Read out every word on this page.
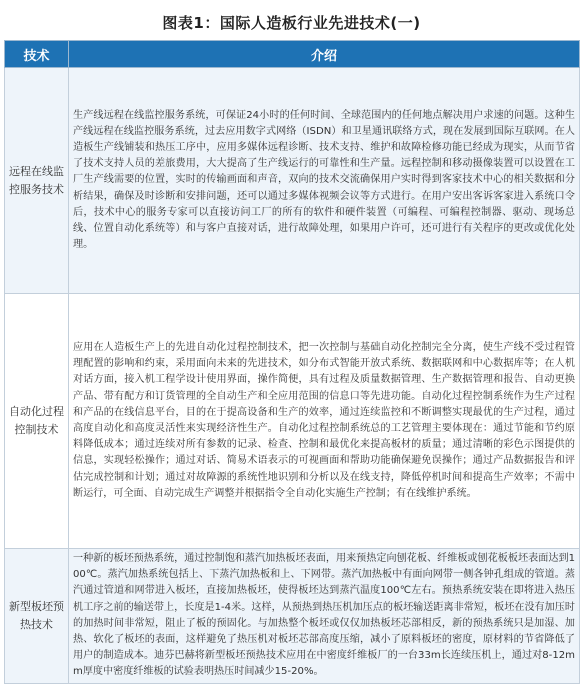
图表1：国际人造板行业先进技术(一)
技术	介绍
远程在线监控服务技术	生产线远程在线监控服务系统，可保证24小时的任何时间、全球范围内的任何地点解决用户求速的问题。这种生产线远程在线监控服务系统，过去应用数字式网络（ISDN）和卫星通讯联络方式，现在发展到国际互联网。在人造板生产线铺装和热压工序中，应用多媒体远程诊断、技术支持、维护和故障检修功能已经成为现实，从而节省了技术支持人员的差旅费用，大大提高了生产线运行的可靠性和生产量。远程控制和移动摄像装置可以设置在工厂生产线需要的位置，实时的传输画面和声音，双向的技术交流确保用户实时得到客家技术中心的相关数据和分析结果，确保及时诊断和安排问题，还可以通过多媒体视频会议等方式进行。在用户安出客诉客家进入系统口令后，技术中心的服务专家可以直接访问工厂的所有的软件和硬件装置（可编程、可编程控制器、驱动、现场总线、位置自动化系统等）和与客户直接对话，进行故障处理，如果用户许可，还可进行有关程序的更改或优化处理。
自动化过程控制技术	应用在人造板生产上的先进自动化过程控制技术，把一次控制与基础自动化控制完全分离，使生产线不受过程管理配置的影响和约束，采用面向未来的先进技术，如分布式智能开放式系统、数据联网和中心数据库等；在人机对话方面，接入机工程学设计使用界面，操作简便，具有过程及质量数据管理、生产数据管理和报告、自动更换产品、带有配方和订货管理的全自动生产和全应用范围的信息口等先进功能。自动化过程控制系统作为生产过程和产品的在线信息平台，目的在于提高设备和生产的效率，通过连续监控和不断调整实现最优的生产过程，通过高度自动化和高度灵活性来实现经济性生产。自动化过程控制系统总的工艺管理主要体现在：通过节能和节约原料降低成本；通过连续对所有参数的记录、检查、控制和最优化来提高板材的质量；通过清晰的彩色示图提供的信息，实现轻松操作；通过对话、简易术语表示的可视画面和帮助功能确保避免误操作；通过产品数据报告和评估完成控制和计划；通过对故障源的系统性地识别和分析以及在线支持，降低停机时间和提高生产效率；不需中断运行，可全面、自动完成生产调整并根据指令全自动化实施生产控制；有在线维护系统。
新型板坯预热技术	一种新的板坯预热系统，通过控制饱和蒸汽加热板坯表面，用来预热定向刨花板、纤维板或刨花板板坯表面达到100℃。蒸汽加热系统包括上、下蒸汽加热板和上、下网带。蒸汽加热板中有面向网带一侧各钟孔组成的管道。蒸汽通过管道和网带进入板坯，直接加热板坯，使得板坯达到蒸汽温度100℃左右。预热系统安装在即将进入热压机工序之前的输送带上，长度是1-4米。这样，从预热到热压机加压点的板坯输送距离非常短，板坯在没有加压时的加热时间非常短，阻止了板的预固化。与加热整个板坯或仅仅加热板坯芯部相反，新的预热系统只是加湿、加热、软化了板坯的表面，这样避免了热压机对板坯芯部高度压缩，减小了原料板坯的密度，原材料的节省降低了用户的制造成本。迪芬巴赫将新型板坯预热技术应用在中密度纤维板厂的一台33m长连续压机上，通过对8-12mm厚度中密度纤维板的试验表明热压时间减少15-20%。
